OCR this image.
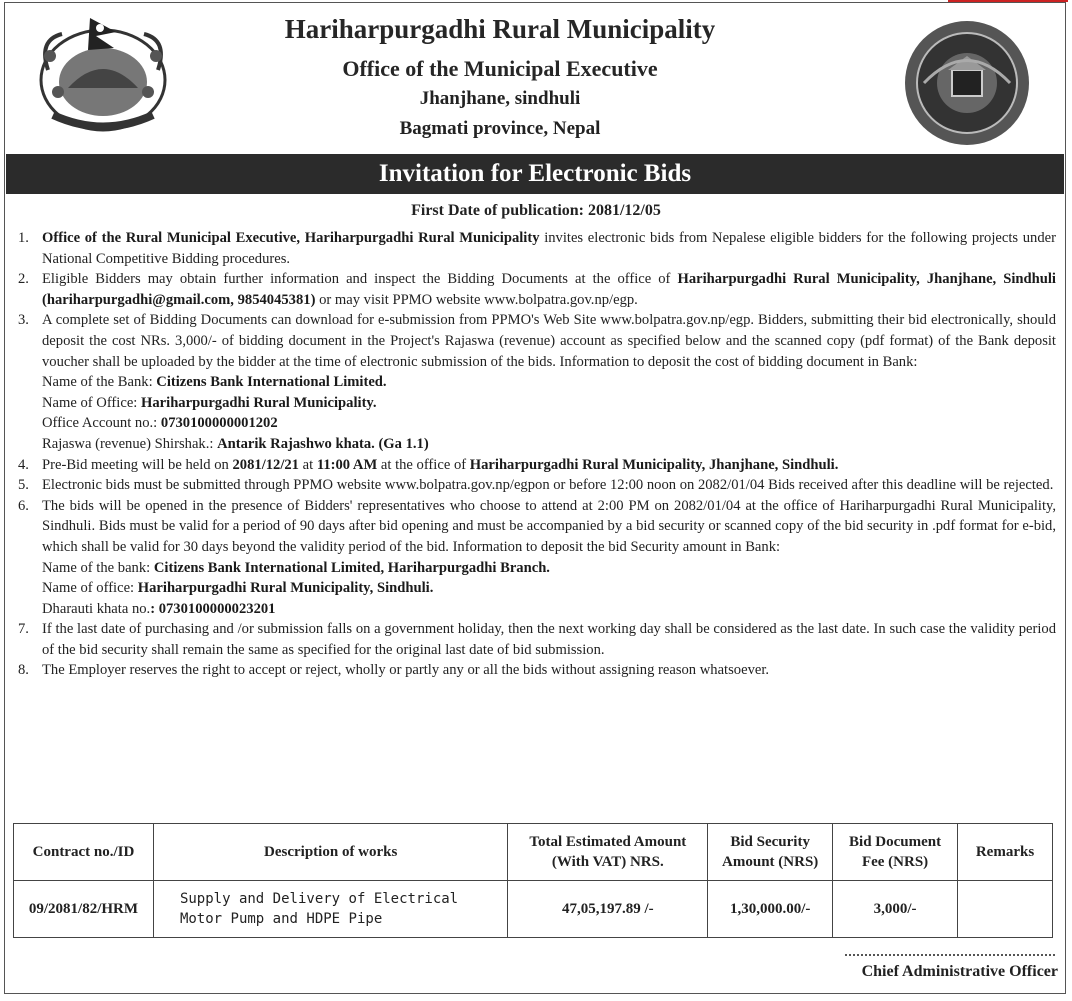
Hariharpurgadhi Rural Municipality
Office of the Municipal Executive
Jhanjhane, sindhuli
Bagmati province, Nepal
Invitation for Electronic Bids
First Date of publication: 2081/12/05
1. Office of the Rural Municipal Executive, Hariharpurgadhi Rural Municipality invites electronic bids from Nepalese eligible bidders for the following projects under National Competitive Bidding procedures.
2. Eligible Bidders may obtain further information and inspect the Bidding Documents at the office of Hariharpurgadhi Rural Municipality, Jhanjhane, Sindhuli (hariharpurgadhi@gmail.com, 9854045381) or may visit PPMO website www.bolpatra.gov.np/egp.
3. A complete set of Bidding Documents can download for e-submission from PPMO's Web Site www.bolpatra.gov.np/egp. Bidders, submitting their bid electronically, should deposit the cost NRs. 3,000/- of bidding document in the Project's Rajaswa (revenue) account as specified below and the scanned copy (pdf format) of the Bank deposit voucher shall be uploaded by the bidder at the time of electronic submission of the bids. Information to deposit the cost of bidding document in Bank:
Name of the Bank: Citizens Bank International Limited.
Name of Office: Hariharpurgadhi Rural Municipality.
Office Account no.: 0730100000001202
Rajaswa (revenue) Shirshak.: Antarik Rajashwo khata. (Ga 1.1)
4. Pre-Bid meeting will be held on 2081/12/21 at 11:00 AM at the office of Hariharpurgadhi Rural Municipality, Jhanjhane, Sindhuli.
5. Electronic bids must be submitted through PPMO website www.bolpatra.gov.np/egpon or before 12:00 noon on 2082/01/04 Bids received after this deadline will be rejected.
6. The bids will be opened in the presence of Bidders' representatives who choose to attend at 2:00 PM on 2082/01/04 at the office of Hariharpurgadhi Rural Municipality, Sindhuli. Bids must be valid for a period of 90 days after bid opening and must be accompanied by a bid security or scanned copy of the bid security in .pdf format for e-bid, which shall be valid for 30 days beyond the validity period of the bid. Information to deposit the bid Security amount in Bank:
Name of the bank: Citizens Bank International Limited, Hariharpurgadhi Branch.
Name of office: Hariharpurgadhi Rural Municipality, Sindhuli.
Dharauti khata no.: 0730100000023201
7. If the last date of purchasing and /or submission falls on a government holiday, then the next working day shall be considered as the last date. In such case the validity period of the bid security shall remain the same as specified for the original last date of bid submission.
8. The Employer reserves the right to accept or reject, wholly or partly any or all the bids without assigning reason whatsoever.
Contract no./ID	Description of works	Total Estimated Amount (With VAT) NRS.	Bid Security Amount (NRS)	Bid Document Fee (NRS)	Remarks
09/2081/82/HRM	Supply and Delivery of Electrical Motor Pump and HDPE Pipe	47,05,197.89 /-	1,30,000.00/-	3,000/-	
Chief Administrative Officer
